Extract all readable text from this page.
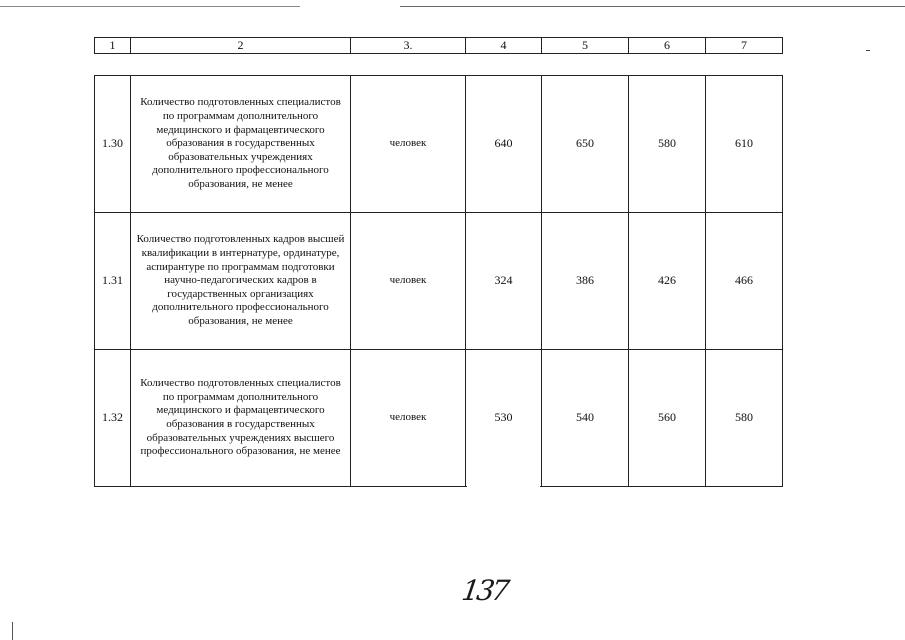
1	2	3.	4	5	6	7
1.30	Количество подготовленных специалистов по программам дополнительного медицинского и фармацевтического образования в государственных образовательных учреждениях дополнительного профессионального образования, не менее	человек	640	650	580	610
1.31	Количество подготовленных кадров высшей квалификации в интернатуре, ординатуре, аспирантуре по программам подготовки научно-педагогических кадров в государственных организациях дополнительного профессионального образования, не менее	человек	324	386	426	466
1.32	Количество подготовленных специалистов по программам дополнительного медицинского и фармацевтического образования в государственных образовательных учреждениях высшего профессионального образования, не менее	человек	530	540	560	580
137
